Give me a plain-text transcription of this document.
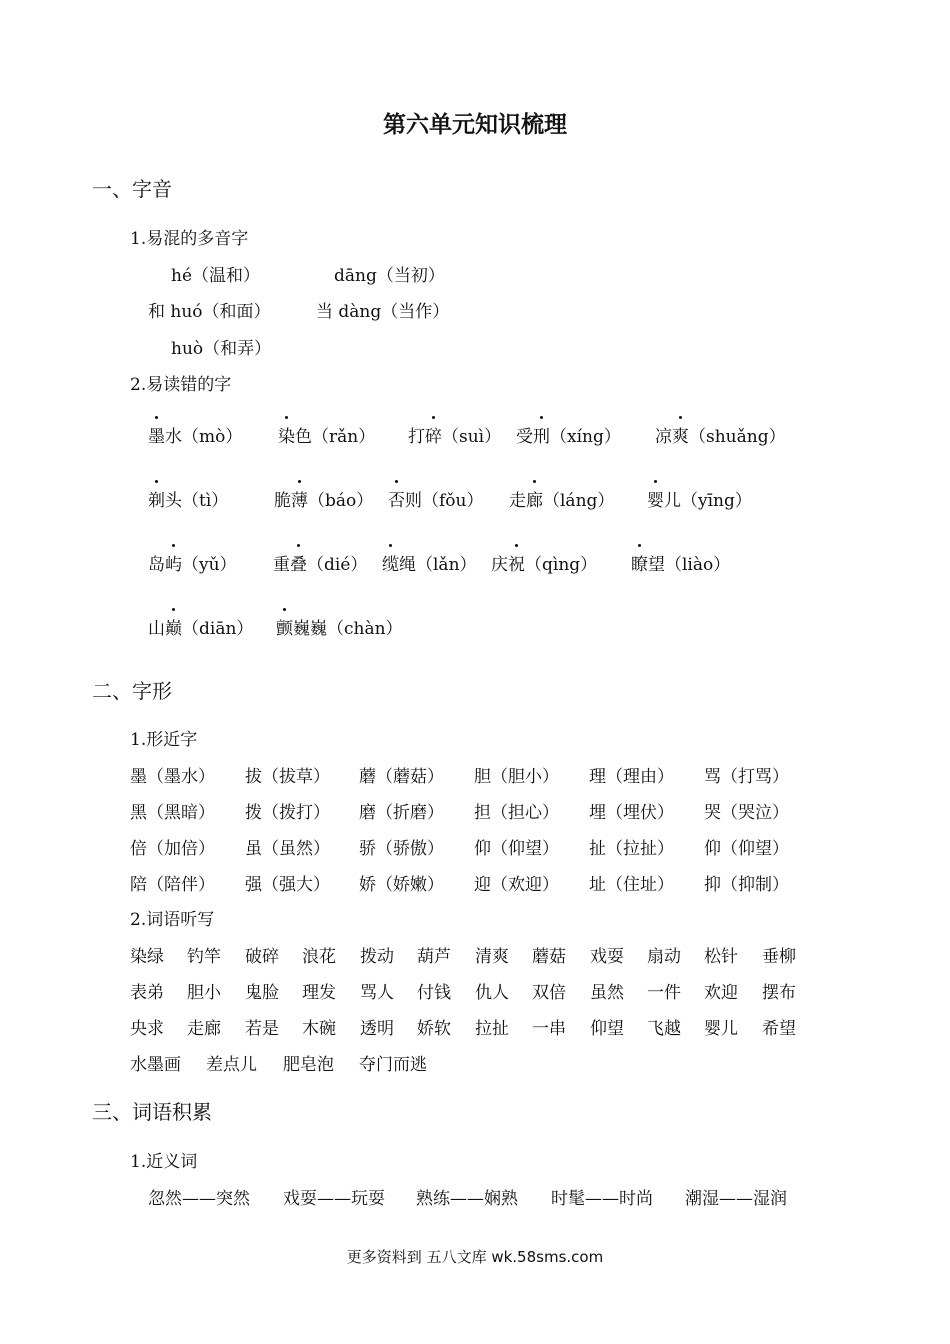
第六单元知识梳理
一、字音
1.易混的多音字
hé（温和）
和 huó（和面）
huò（和弄）
dāng（当初）
当 dàng（当作）
2.易读错的字
墨水（mò） 染色（rǎn） 打碎（suì） 受刑（xíng） 凉爽（shuǎng）
剃头（tì）	脆薄（báo） 否则（fǒu） 走廊（láng） 婴儿（yīng）
岛屿（yǔ） 重叠（dié） 缆绳（lǎn） 庆祝（qìng） 瞭望（liào）
山巅（diān） 颤巍巍（chàn）
二、字形
1.形近字
墨（墨水） 拔（拔草） 蘑（蘑菇） 胆（胆小） 理（理由） 骂（打骂）
黑（黑暗） 拨（拨打） 磨（折磨） 担（担心） 埋（埋伏） 哭（哭泣）
倍（加倍） 虽（虽然） 骄（骄傲） 仰（仰望） 扯（拉扯） 仰（仰望）
陪（陪伴） 强（强大） 娇（娇嫩） 迎（欢迎） 址（住址） 抑（抑制）
2.词语听写
染绿 钓竿 破碎 浪花 拨动 葫芦 清爽 蘑菇 戏耍 扇动 松针 垂柳
表弟 胆小 鬼脸 理发 骂人 付钱 仇人 双倍 虽然 一件 欢迎 摆布
央求 走廊 若是 木碗 透明 娇软 拉扯 一串 仰望 飞越 婴儿 希望
水墨画 差点儿 肥皂泡 夺门而逃
三、词语积累
1.近义词
忽然——突然 戏耍——玩耍 熟练——娴熟 时髦——时尚 潮湿——湿润
更多资料到 五八文库 wk.58sms.com
